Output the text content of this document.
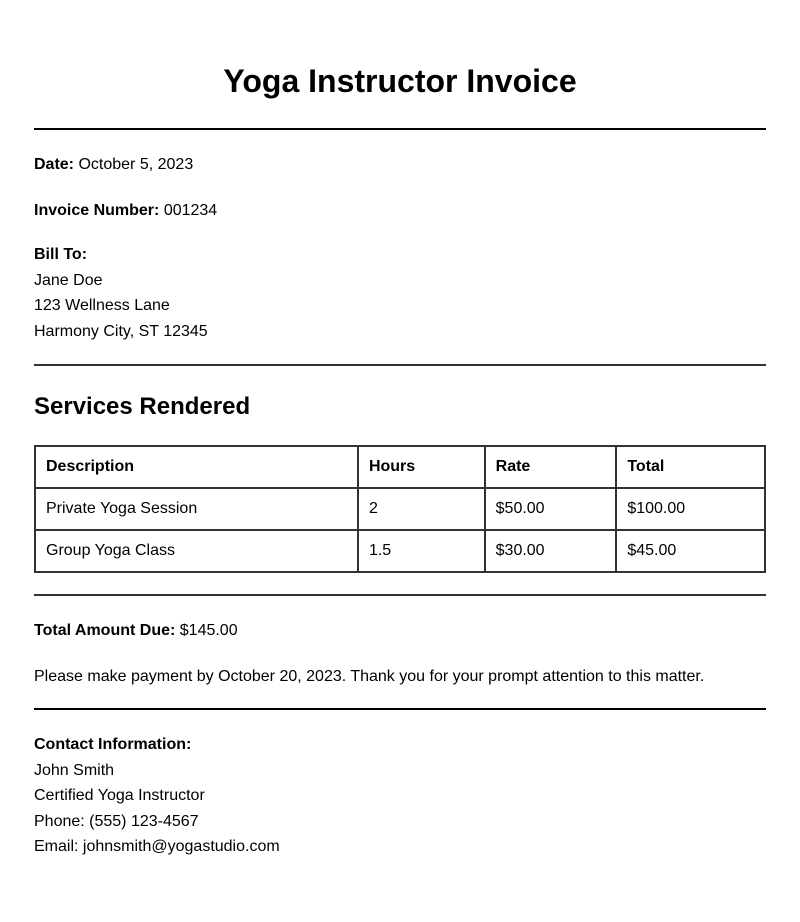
Yoga Instructor Invoice

Date: October 5, 2023

Invoice Number: 001234

Bill To:

Jane Doe

123 Wellness Lane

Harmony City, ST 12345

Services Rendered
Description	Hours	Rate	Total
Private Yoga Session	2	$50.00	$100.00
Group Yoga Class	1.5	$30.00	$45.00

Total Amount Due: $145.00

Please make payment by October 20, 2023. Thank you for your prompt attention to this matter.

Contact Information:

John Smith

Certified Yoga Instructor

Phone: (555) 123-4567

Email: johnsmith@yogastudio.com
